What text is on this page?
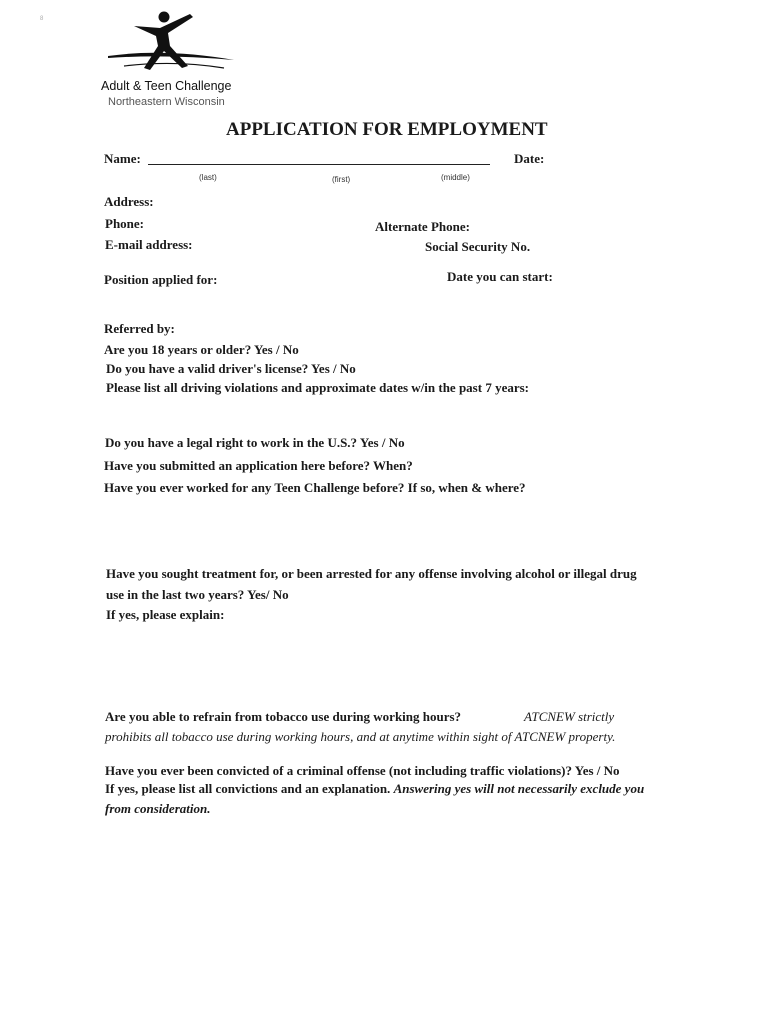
8
Adult & Teen Challenge
Northeastern Wisconsin
APPLICATION FOR EMPLOYMENT
Name:	Date:
(last)	(first)	(middle)
Address:
Phone:	Alternate Phone:
E-mail address:	Social Security No.
Position applied for:	Date you can start:
Referred by:
Are you 18 years or older? Yes / No
Do you have a valid driver's license? Yes / No
Please list all driving violations and approximate dates w/in the past 7 years:
Do you have a legal right to work in the U.S.? Yes / No
Have you submitted an application here before? When?
Have you ever worked for any Teen Challenge before? If so, when & where?
Have you sought treatment for, or been arrested for any offense involving alcohol or illegal drug
use in the last two years? Yes/ No
If yes, please explain:
Are you able to refrain from tobacco use during working hours?	ATCNEW strictly
prohibits all tobacco use during working hours, and at anytime within sight of ATCNEW property.
Have you ever been convicted of a criminal offense (not including traffic violations)? Yes / No
If yes, please list all convictions and an explanation. Answering yes will not necessarily exclude you
from consideration.
